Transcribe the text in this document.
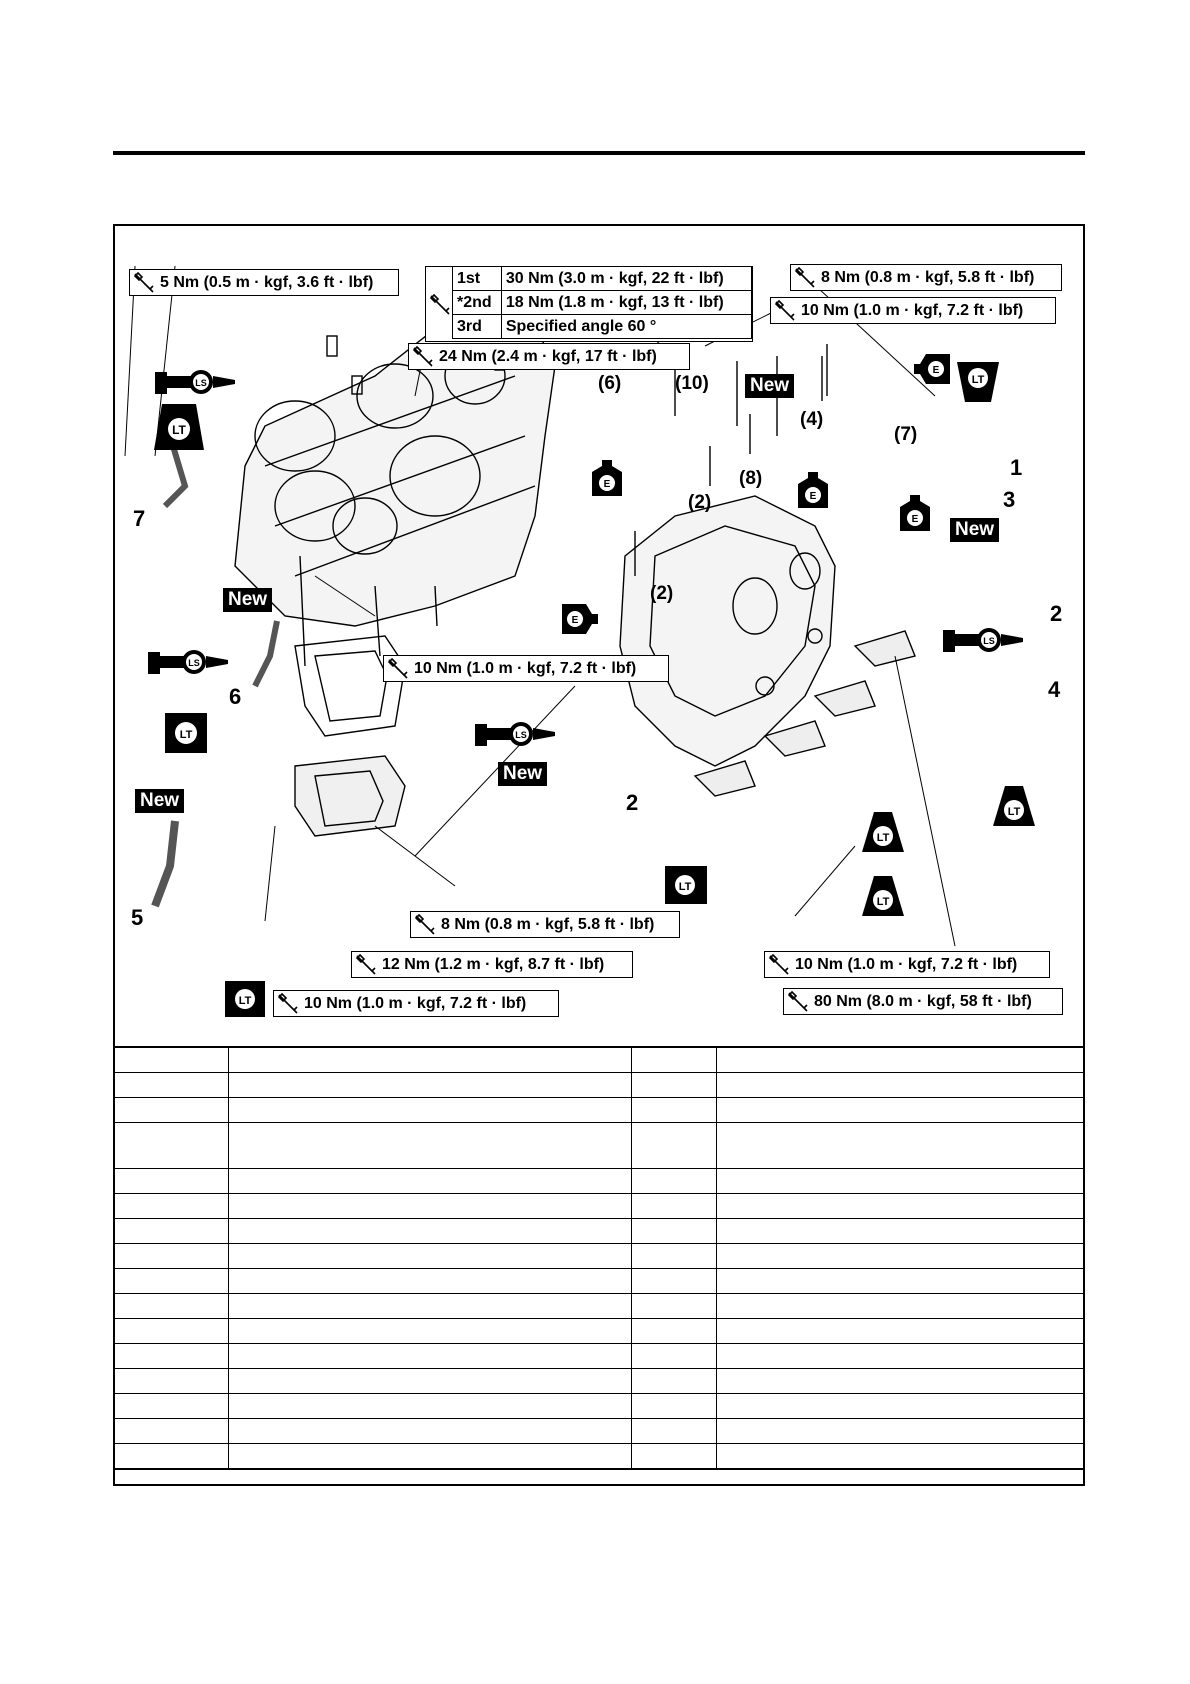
5 Nm (0.5 m · kgf, 3.6 ft · lbf)	1st	30 Nm (3.0 m · kgf, 22 ft · lbf)
*2nd	18 Nm (1.8 m · kgf, 13 ft · lbf)
3rd	Specified angle 60 °
8 Nm (0.8 m · kgf, 5.8 ft · lbf)
10 Nm (1.0 m · kgf, 7.2 ft · lbf)
24 Nm (2.4 m · kgf, 17 ft · lbf)
10 Nm (1.0 m · kgf, 7.2 ft · lbf)
8 Nm (0.8 m · kgf, 5.8 ft · lbf)
12 Nm (1.2 m · kgf, 8.7 ft · lbf)
10 Nm (1.0 m · kgf, 7.2 ft · lbf)
10 Nm (1.0 m · kgf, 7.2 ft · lbf)
80 Nm (8.0 m · kgf, 58 ft · lbf)
New
New
New
New
New
1
3
2
4
2
7
6
5
(6)	(10)
(4)
(7)
(8)
(2)
(2)
LT
LT
LT
LT
LT
LT
LT
LT
LS
LS
LS
LS
E
E
E
E
E
